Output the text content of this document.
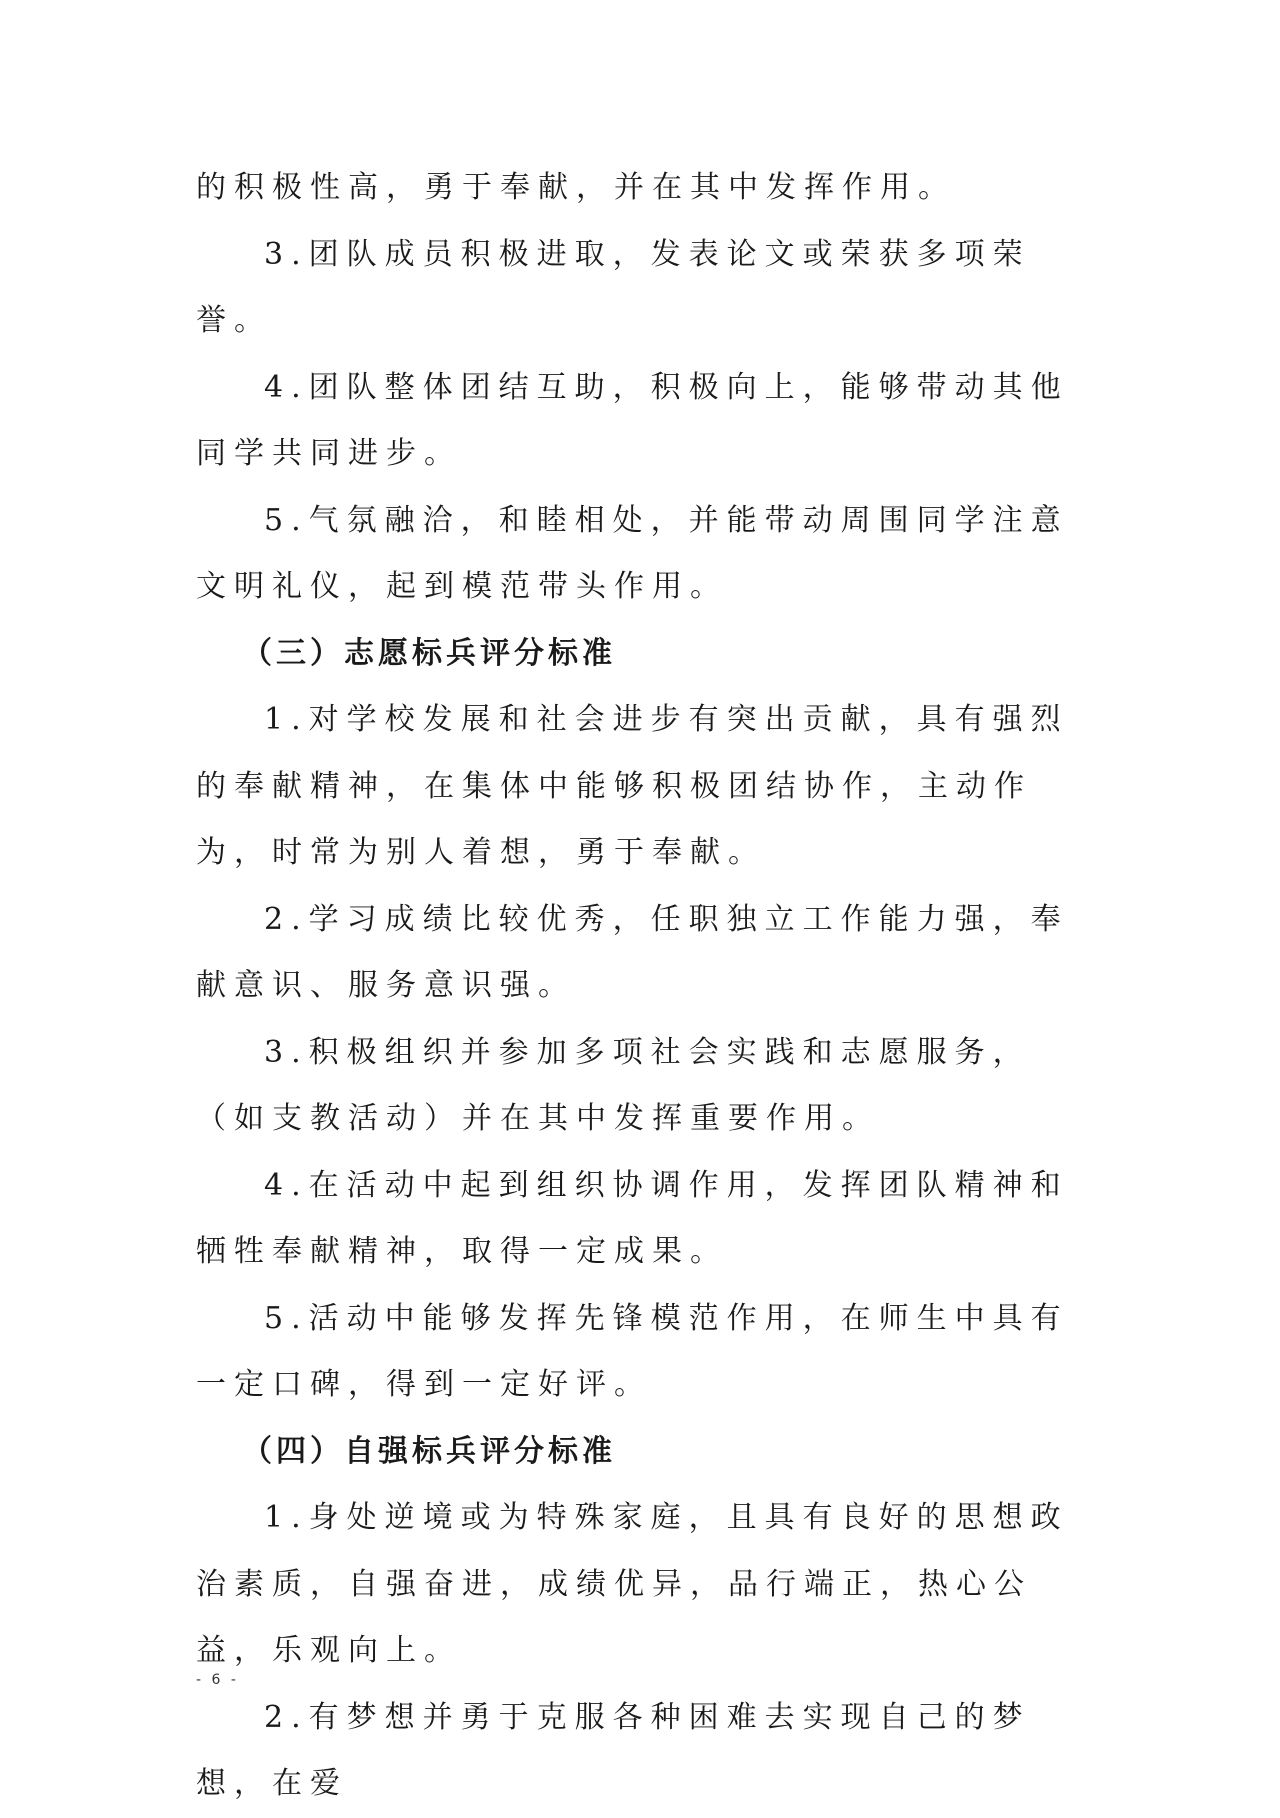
的积极性高，勇于奉献，并在其中发挥作用。

3.团队成员积极进取，发表论文或荣获多项荣誉。

4.团队整体团结互助，积极向上，能够带动其他同学共同进步。

5.气氛融洽，和睦相处，并能带动周围同学注意文明礼仪，起到模范带头作用。

（三）志愿标兵评分标准

1.对学校发展和社会进步有突出贡献，具有强烈的奉献精神，在集体中能够积极团结协作，主动作为，时常为别人着想，勇于奉献。

2.学习成绩比较优秀，任职独立工作能力强，奉献意识、服务意识强。

3.积极组织并参加多项社会实践和志愿服务，（如支教活动）并在其中发挥重要作用。

4.在活动中起到组织协调作用，发挥团队精神和牺牲奉献精神，取得一定成果。

5.活动中能够发挥先锋模范作用，在师生中具有一定口碑，得到一定好评。

（四）自强标兵评分标准

1.身处逆境或为特殊家庭，且具有良好的思想政治素质，自强奋进，成绩优异，品行端正，热心公益，乐观向上。

2.有梦想并勇于克服各种困难去实现自己的梦想，在爱

- 6 -
